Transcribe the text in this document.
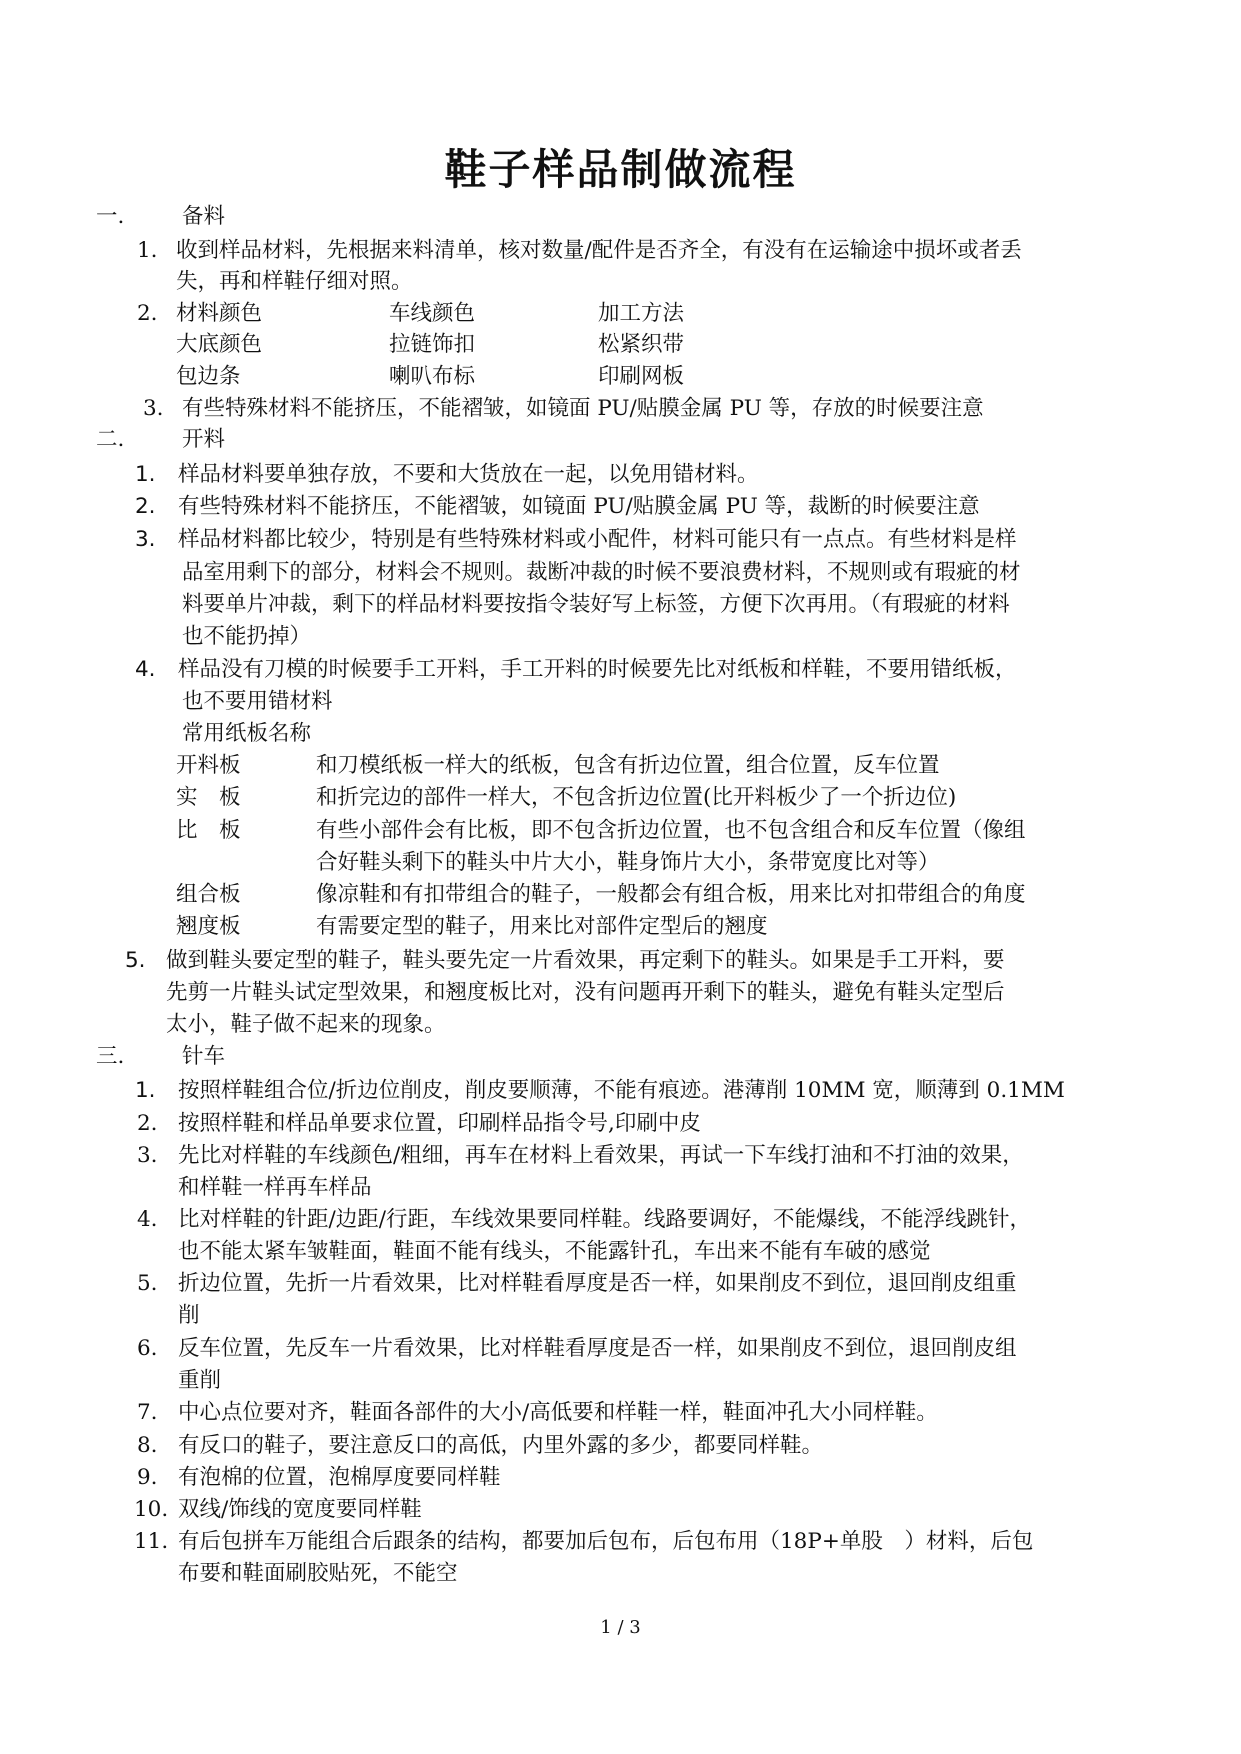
鞋子样品制做流程
一.	备料
1. 收到样品材料，先根据来料清单，核对数量/配件是否齐全，有没有在运输途中损坏或者丢
失，再和样鞋仔细对照。
2. 材料颜色	车线颜色	加工方法
大底颜色	拉链饰扣	松紧织带
包边条	喇叭布标	印刷网板
3. 有些特殊材料不能挤压，不能褶皱，如镜面 PU/贴膜金属 PU 等，存放的时候要注意
二.	开料
1. 样品材料要单独存放，不要和大货放在一起，以免用错材料。
2. 有些特殊材料不能挤压，不能褶皱，如镜面 PU/贴膜金属 PU 等，裁断的时候要注意
3. 样品材料都比较少，特别是有些特殊材料或小配件，材料可能只有一点点。有些材料是样
品室用剩下的部分，材料会不规则。裁断冲裁的时候不要浪费材料，不规则或有瑕疵的材
料要单片冲裁，剩下的样品材料要按指令装好写上标签，方便下次再用。（有瑕疵的材料
也不能扔掉）
4. 样品没有刀模的时候要手工开料，手工开料的时候要先比对纸板和样鞋，不要用错纸板，
也不要用错材料
常用纸板名称
开料板	和刀模纸板一样大的纸板，包含有折边位置，组合位置，反车位置
实　板	和折完边的部件一样大，不包含折边位置(比开料板少了一个折边位)
比　板	有些小部件会有比板，即不包含折边位置，也不包含组合和反车位置（像组
合好鞋头剩下的鞋头中片大小，鞋身饰片大小，条带宽度比对等）
组合板	像凉鞋和有扣带组合的鞋子，一般都会有组合板，用来比对扣带组合的角度
翘度板	有需要定型的鞋子，用来比对部件定型后的翘度
5. 做到鞋头要定型的鞋子，鞋头要先定一片看效果，再定剩下的鞋头。如果是手工开料，要
先剪一片鞋头试定型效果，和翘度板比对，没有问题再开剩下的鞋头，避免有鞋头定型后
太小，鞋子做不起来的现象。
三.	针车
1. 按照样鞋组合位/折边位削皮，削皮要顺薄，不能有痕迹。港薄削 10MM 宽，顺薄到 0.1MM
2. 按照样鞋和样品单要求位置，印刷样品指令号,印刷中皮
3. 先比对样鞋的车线颜色/粗细，再车在材料上看效果，再试一下车线打油和不打油的效果，
和样鞋一样再车样品
4. 比对样鞋的针距/边距/行距，车线效果要同样鞋。线路要调好，不能爆线，不能浮线跳针，
也不能太紧车皱鞋面，鞋面不能有线头，不能露针孔，车出来不能有车破的感觉
5. 折边位置，先折一片看效果，比对样鞋看厚度是否一样，如果削皮不到位，退回削皮组重
削
6. 反车位置，先反车一片看效果，比对样鞋看厚度是否一样，如果削皮不到位，退回削皮组
重削
7. 中心点位要对齐，鞋面各部件的大小/高低要和样鞋一样，鞋面冲孔大小同样鞋。
8. 有反口的鞋子，要注意反口的高低，内里外露的多少，都要同样鞋。
9. 有泡棉的位置，泡棉厚度要同样鞋
10. 双线/饰线的宽度要同样鞋
11. 有后包拼车万能组合后跟条的结构，都要加后包布，后包布用（18P+单股　）材料，后包
布要和鞋面刷胶贴死，不能空
1 / 3
